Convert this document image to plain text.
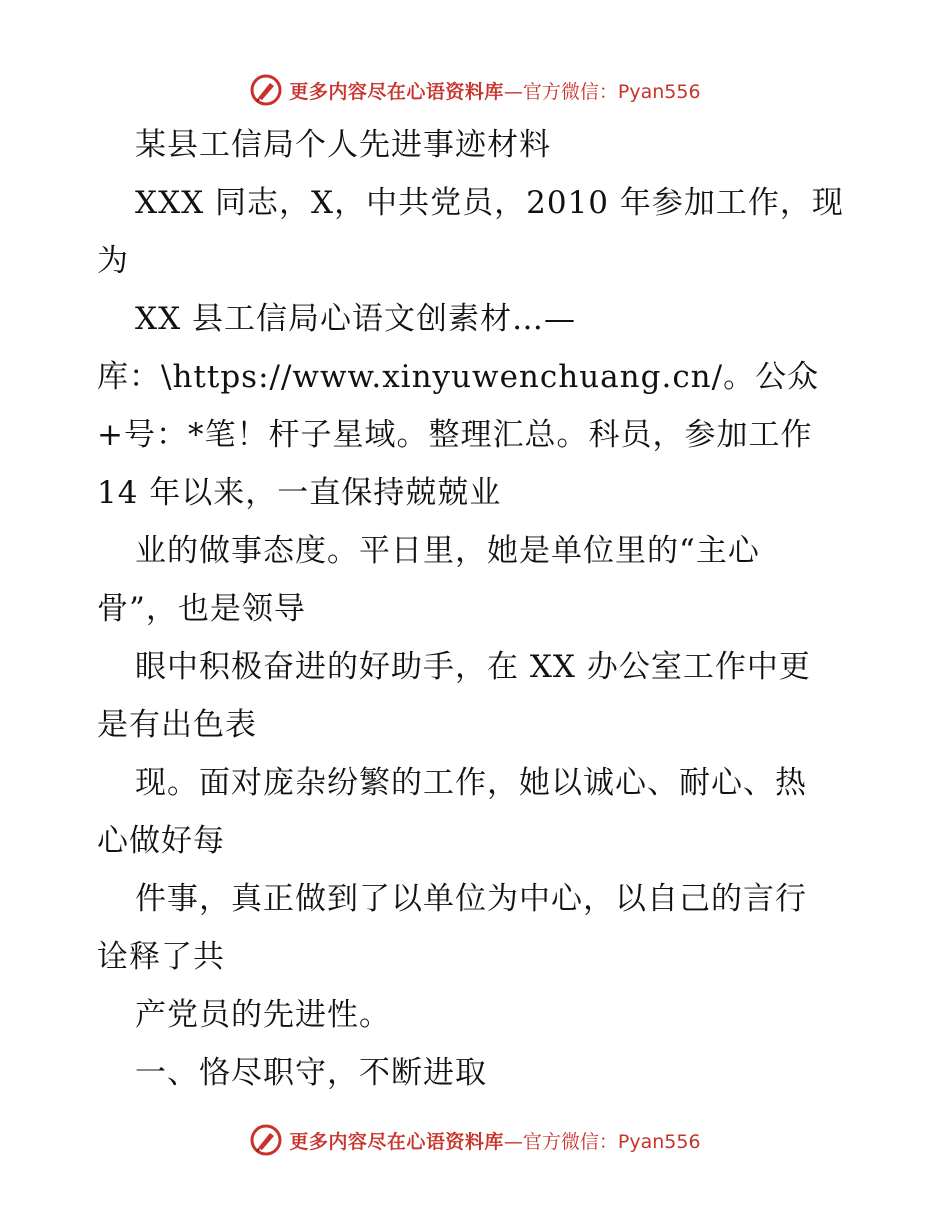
更多内容尽在心语资料库 —官方微信：Pyan556
某县工信局个人先进事迹材料
XXX 同志，X，中共党员，2010 年参加工作，现
为
XX 县工信局心语文创素材…—
库：\https://www.xinyuwenchuang.cn/。公众
+号：*笔！杆子星域。整理汇总。科员，参加工作
14 年以来，一直保持兢兢业
业的做事态度。平日里，她是单位里的“主心
骨”，也是领导
眼中积极奋进的好助手，在 XX 办公室工作中更
是有出色表
现。面对庞杂纷繁的工作，她以诚心、耐心、热
心做好每
件事，真正做到了以单位为中心，以自己的言行
诠释了共
产党员的先进性。
一、恪尽职守，不断进取
更多内容尽在心语资料库 —官方微信：Pyan556
